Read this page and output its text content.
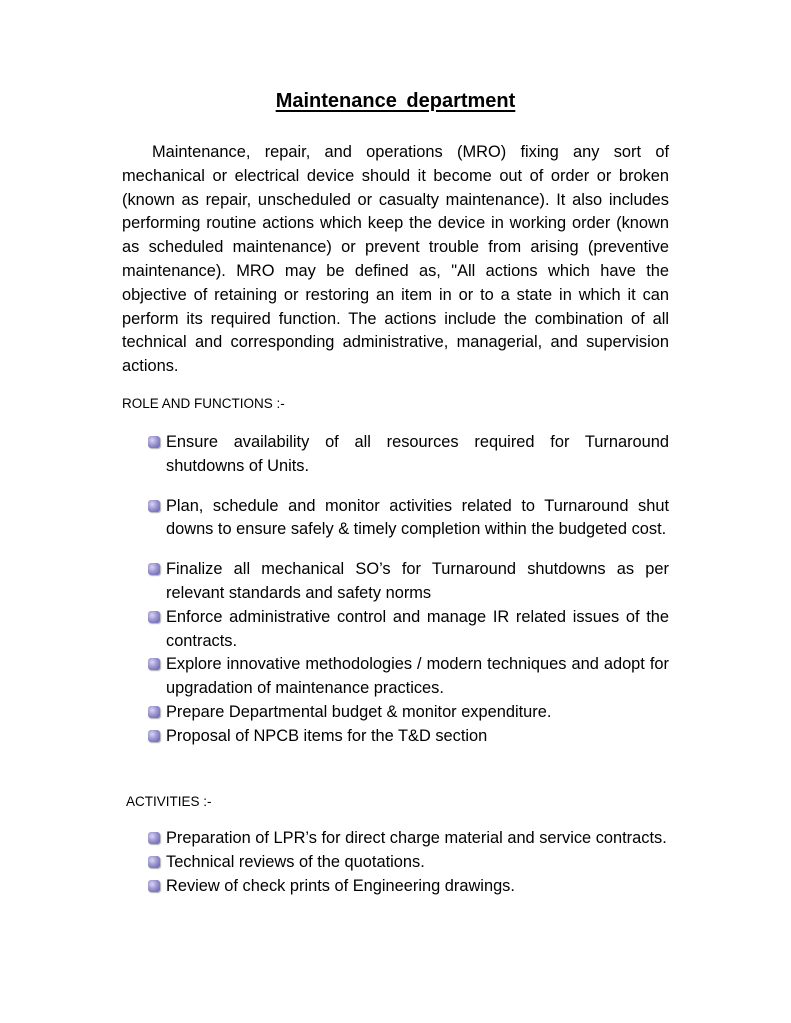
Maintenance department

Maintenance, repair, and operations (MRO) fixing any sort of mechanical or electrical device should it become out of order or broken (known as repair, unscheduled or casualty maintenance). It also includes performing routine actions which keep the device in working order (known as scheduled maintenance) or prevent trouble from arising (preventive maintenance). MRO may be defined as, "All actions which have the objective of retaining or restoring an item in or to a state in which it can perform its required function. The actions include the combination of all technical and corresponding administrative, managerial, and supervision actions.

ROLE AND FUNCTIONS :-

Ensure availability of all resources required for Turnaround shutdowns of Units.
Plan, schedule and monitor activities related to Turnaround shut downs to ensure safely & timely completion within the budgeted cost.
Finalize all mechanical SO’s for Turnaround shutdowns as per relevant standards and safety norms
Enforce administrative control and manage IR related issues of the contracts.
Explore innovative methodologies / modern techniques and adopt for upgradation of maintenance practices.
Prepare Departmental budget & monitor expenditure.
Proposal of NPCB items for the T&D section

ACTIVITIES :-

Preparation of LPR’s for direct charge material and service contracts.
Technical reviews of the quotations.
Review of check prints of Engineering drawings.
